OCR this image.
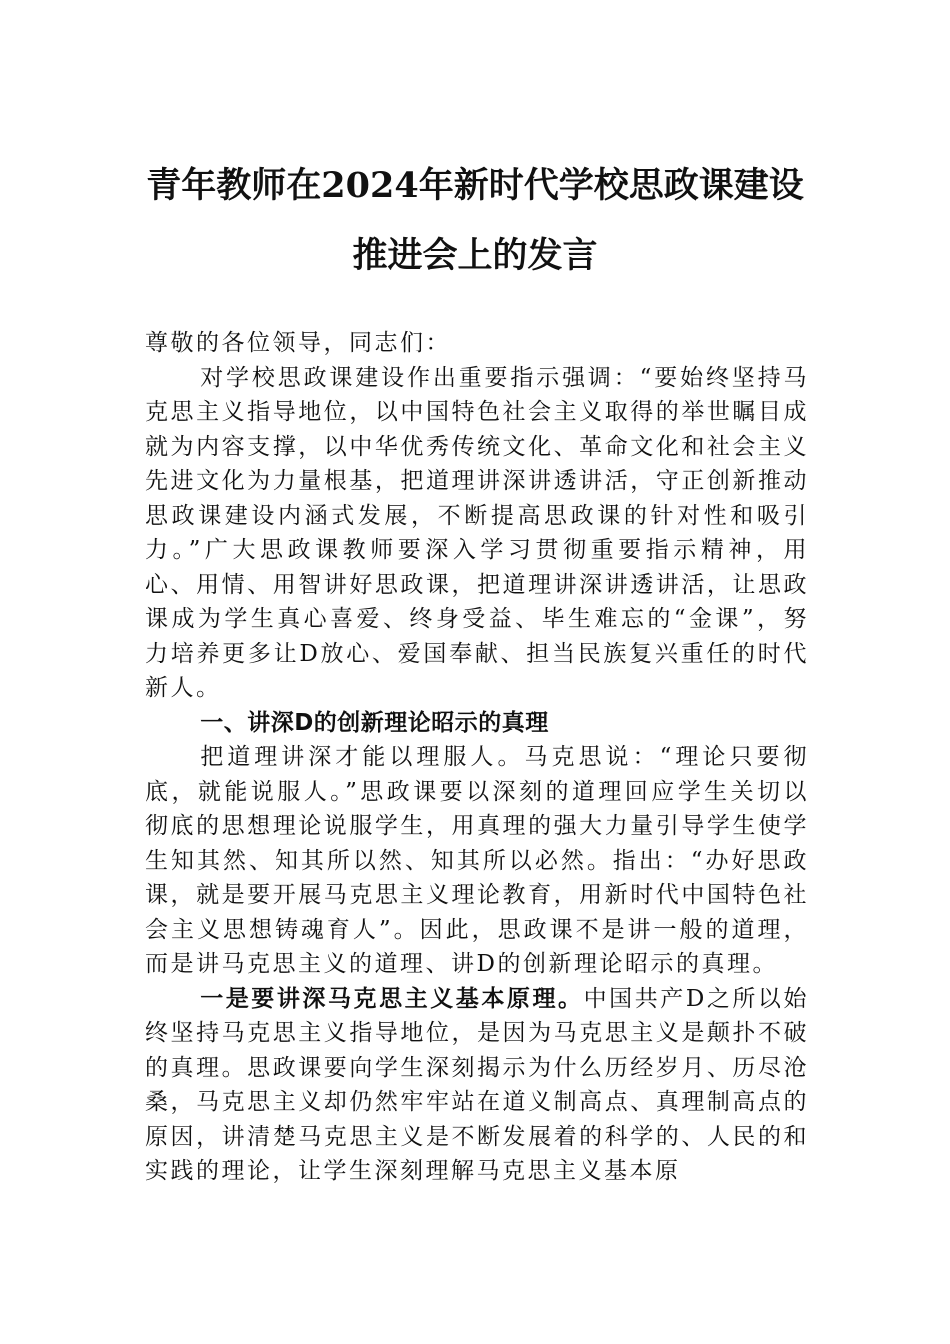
青年教师在2024年新时代学校思政课建设
推进会上的发言

尊敬的各位领导，同志们：

对学校思政课建设作出重要指示强调：“要始终坚持马克思主义指导地位，以中国特色社会主义取得的举世瞩目成就为内容支撑，以中华优秀传统文化、革命文化和社会主义先进文化为力量根基，把道理讲深讲透讲活，守正创新推动思政课建设内涵式发展，不断提高思政课的针对性和吸引力。”广大思政课教师要深入学习贯彻重要指示精神，用心、用情、用智讲好思政课，把道理讲深讲透讲活，让思政课成为学生真心喜爱、终身受益、毕生难忘的“金课”，努力培养更多让D放心、爱国奉献、担当民族复兴重任的时代新人。

一、讲深D的创新理论昭示的真理

把道理讲深才能以理服人。马克思说：“理论只要彻底，就能说服人。”思政课要以深刻的道理回应学生关切以彻底的思想理论说服学生，用真理的强大力量引导学生使学生知其然、知其所以然、知其所以必然。指出：“办好思政课，就是要开展马克思主义理论教育，用新时代中国特色社会主义思想铸魂育人”。因此，思政课不是讲一般的道理，而是讲马克思主义的道理、讲D的创新理论昭示的真理。

一是要讲深马克思主义基本原理。中国共产D之所以始终坚持马克思主义指导地位，是因为马克思主义是颠扑不破的真理。思政课要向学生深刻揭示为什么历经岁月、历尽沧桑，马克思主义却仍然牢牢站在道义制高点、真理制高点的原因，讲清楚马克思主义是不断发展着的科学的、人民的和实践的理论，让学生深刻理解马克思主义基本原
